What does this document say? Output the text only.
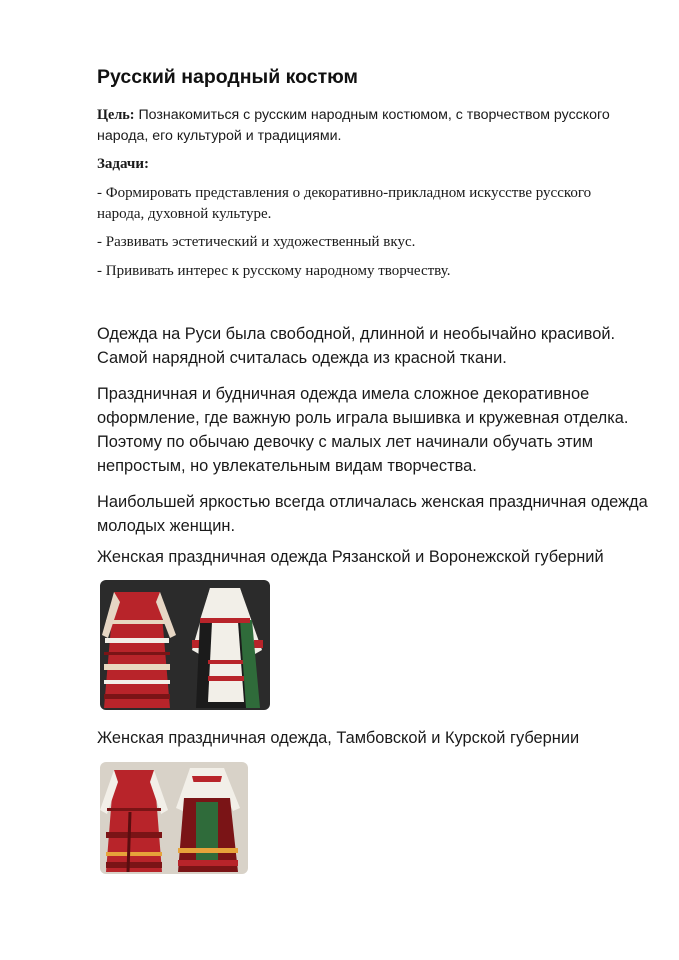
Русский народный костюм

Цель: Познакомиться с русским народным костюмом, с творчеством русского народа, его культурой и традициями.

Задачи:

- Формировать представления о декоративно-прикладном искусстве русского народа, духовной культуре.

- Развивать эстетический и художественный вкус.

- Прививать интерес к русскому народному творчеству.

Одежда на Руси была свободной, длинной и необычайно красивой. Самой нарядной считалась одежда из красной ткани.

Праздничная и будничная одежда имела сложное декоративное оформление, где важную роль играла вышивка и кружевная отделка. Поэтому по обычаю девочку с малых лет начинали обучать этим непростым, но увлекательным видам творчества.

Наибольшей яркостью всегда отличалась женская праздничная одежда молодых женщин.

Женская праздничная одежда Рязанской и Воронежской губерний

Женская праздничная одежда, Тамбовской и Курской губернии
